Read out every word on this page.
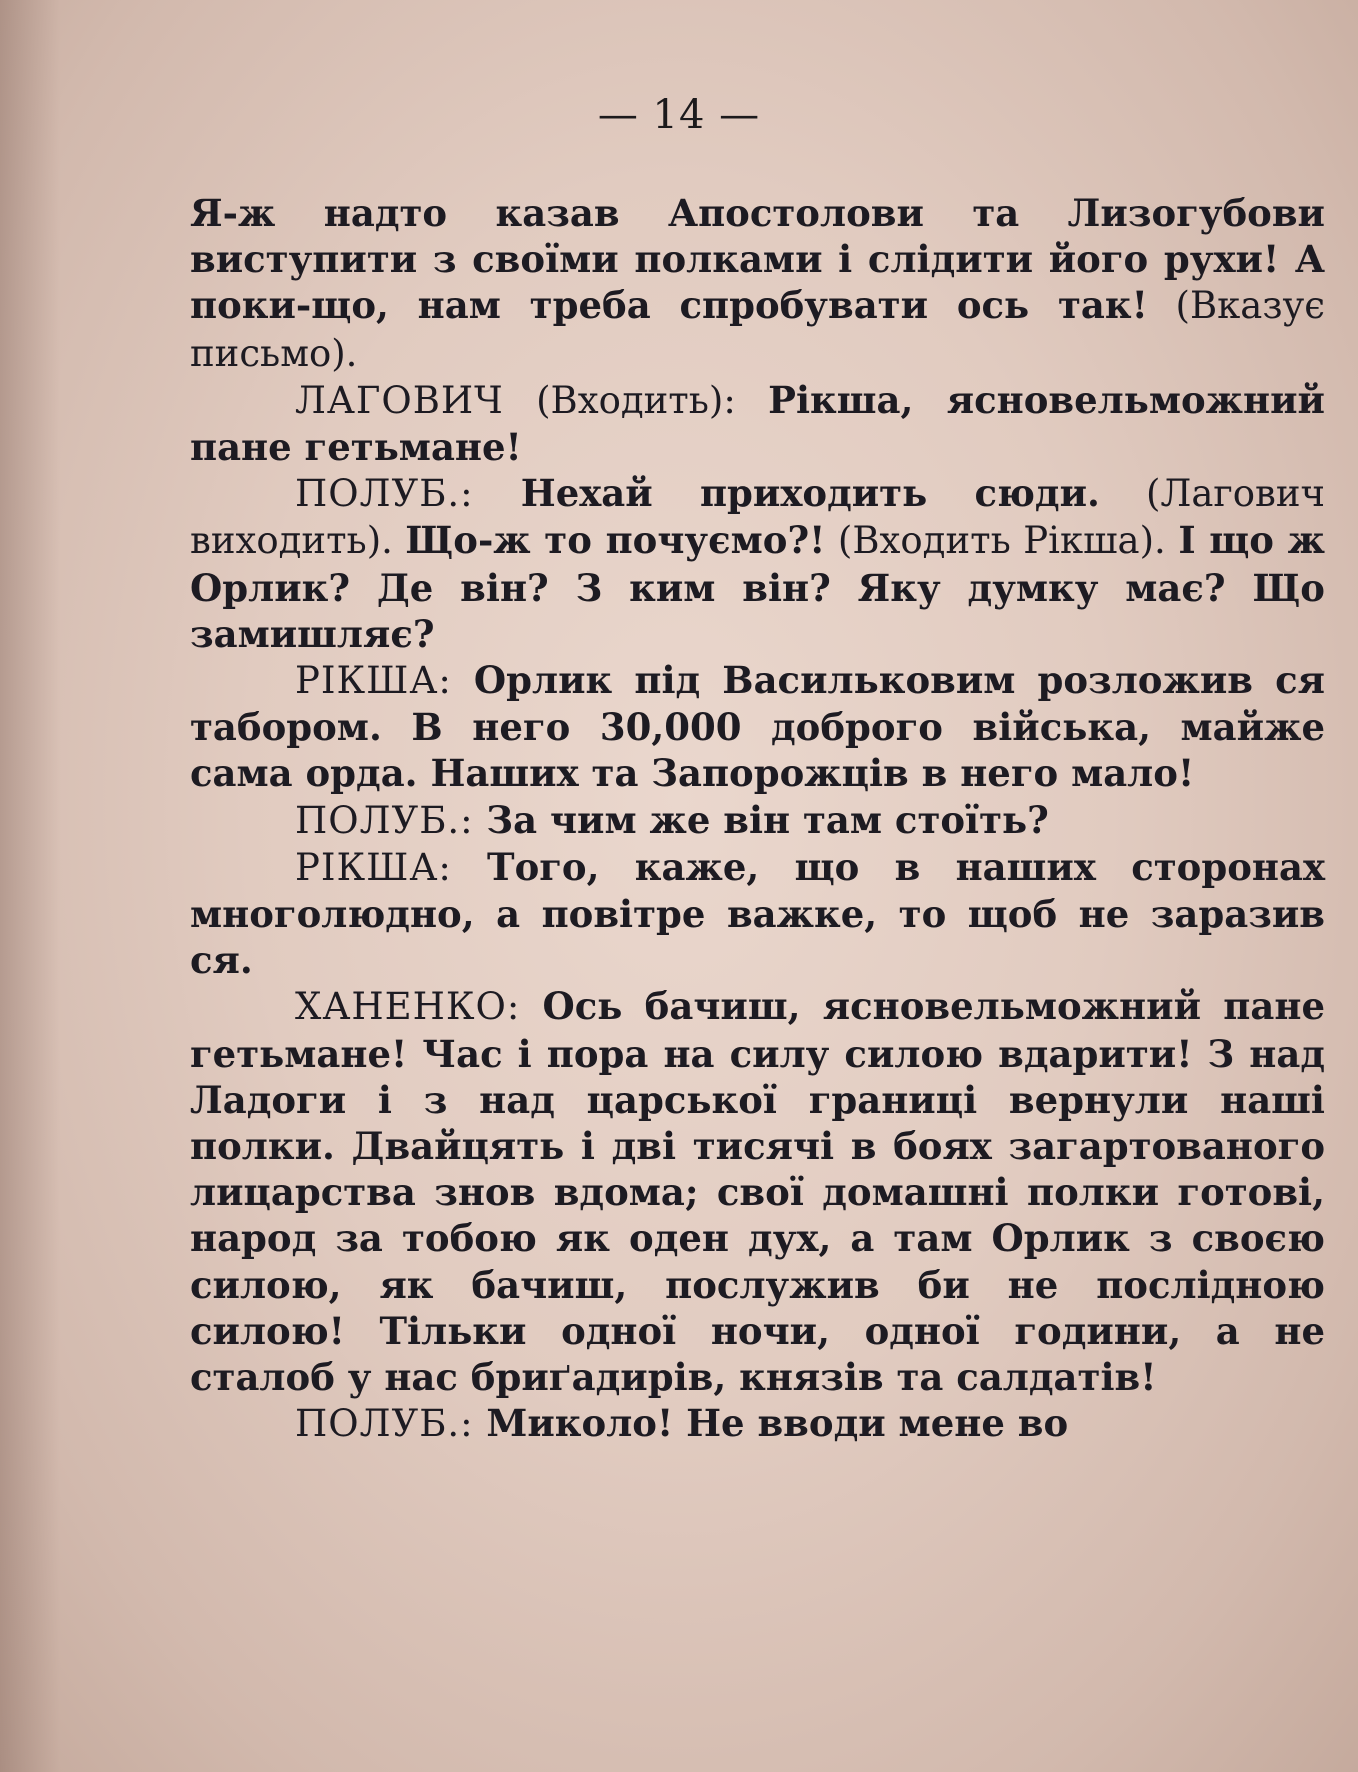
— 14 —

Я-ж надто казав Апостолови та Лизогубови виступити з своїми полками і слідити його рухи! А поки-що, нам треба спробувати ось так! (Вказує письмо).

ЛАГОВИЧ (Входить): Рікша, ясновельможний пане гетьмане!

ПОЛУБ.: Нехай приходить сюди. (Лагович виходить). Що-ж то почуємо?! (Входить Рікша). І що ж Орлик? Де він? З ким він? Яку думку має? Що замишляє?

РІКША: Орлик під Васильковим розложив ся табором. В него 30,000 доброго війська, майже сама орда. Наших та Запорожців в него мало!

ПОЛУБ.: За чим же він там стоїть?

РІКША: Того, каже, що в наших сторонах многолюдно, а повітре важке, то щоб не заразив ся.

ХАНЕНКО: Ось бачиш, ясновельможний пане гетьмане! Час і пора на силу силою вдарити! З над Ладоги і з над царської границі вернули наші полки. Двайцять і дві тисячі в боях загартованого лицарства знов вдома; свої домашні полки готові, народ за тобою як оден дух, а там Орлик з своєю силою, як бачиш, послужив би не послідною силою! Тільки одної ночи, одної години, а не сталоб у нас бриґадирів, князів та салдатів!

ПОЛУБ.: Миколо! Не вводи мене во
